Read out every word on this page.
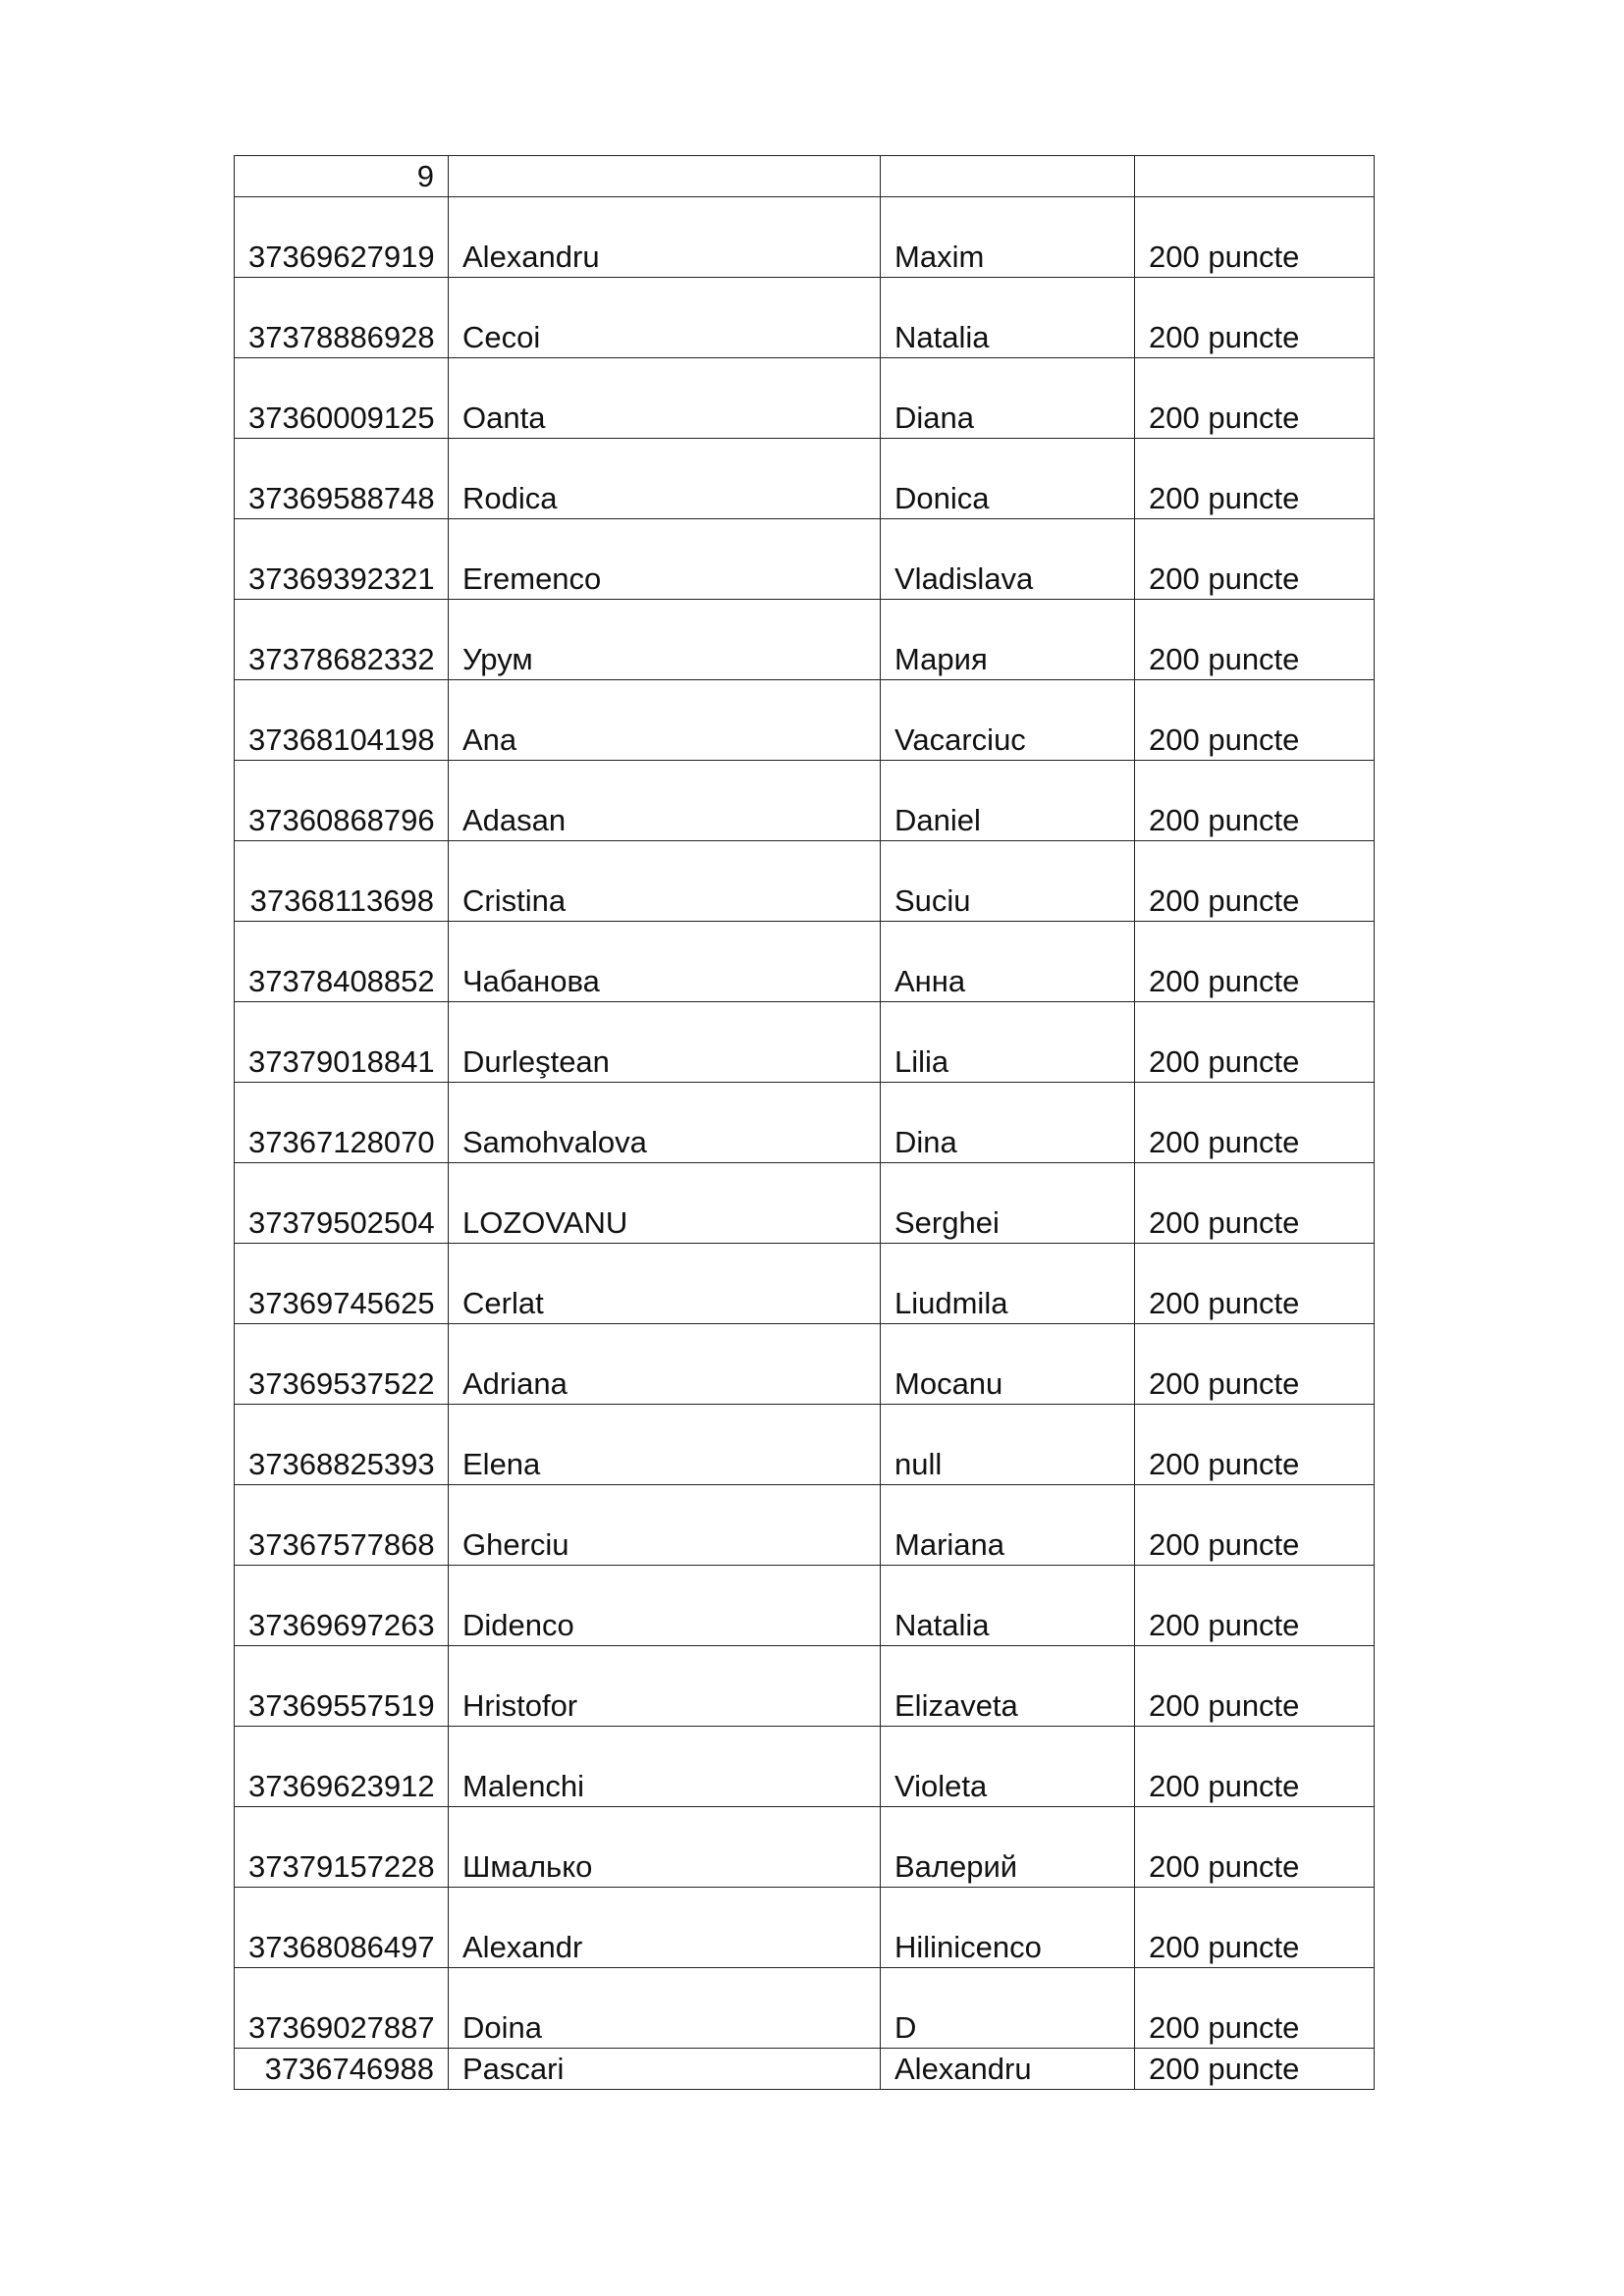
9			
37369627919	Alexandru	Maxim	200 puncte
37378886928	Cecoi	Natalia	200 puncte
37360009125	Oanta	Diana	200 puncte
37369588748	Rodica	Donica	200 puncte
37369392321	Eremenco	Vladislava	200 puncte
37378682332	Урум	Мария	200 puncte
37368104198	Ana	Vacarciuc	200 puncte
37360868796	Adasan	Daniel	200 puncte
37368113698	Cristina	Suciu	200 puncte
37378408852	Чабанова	Анна	200 puncte
37379018841	Durleştean	Lilia	200 puncte
37367128070	Samohvalova	Dina	200 puncte
37379502504	LOZOVANU	Serghei	200 puncte
37369745625	Cerlat	Liudmila	200 puncte
37369537522	Adriana	Mocanu	200 puncte
37368825393	Elena	null	200 puncte
37367577868	Gherciu	Mariana	200 puncte
37369697263	Didenco	Natalia	200 puncte
37369557519	Hristofor	Elizaveta	200 puncte
37369623912	Malenchi	Violeta	200 puncte
37379157228	Шмалько	Валерий	200 puncte
37368086497	Alexandr	Hilinicenco	200 puncte
37369027887	Doina	D	200 puncte
3736746988	Pascari	Alexandru	200 puncte
